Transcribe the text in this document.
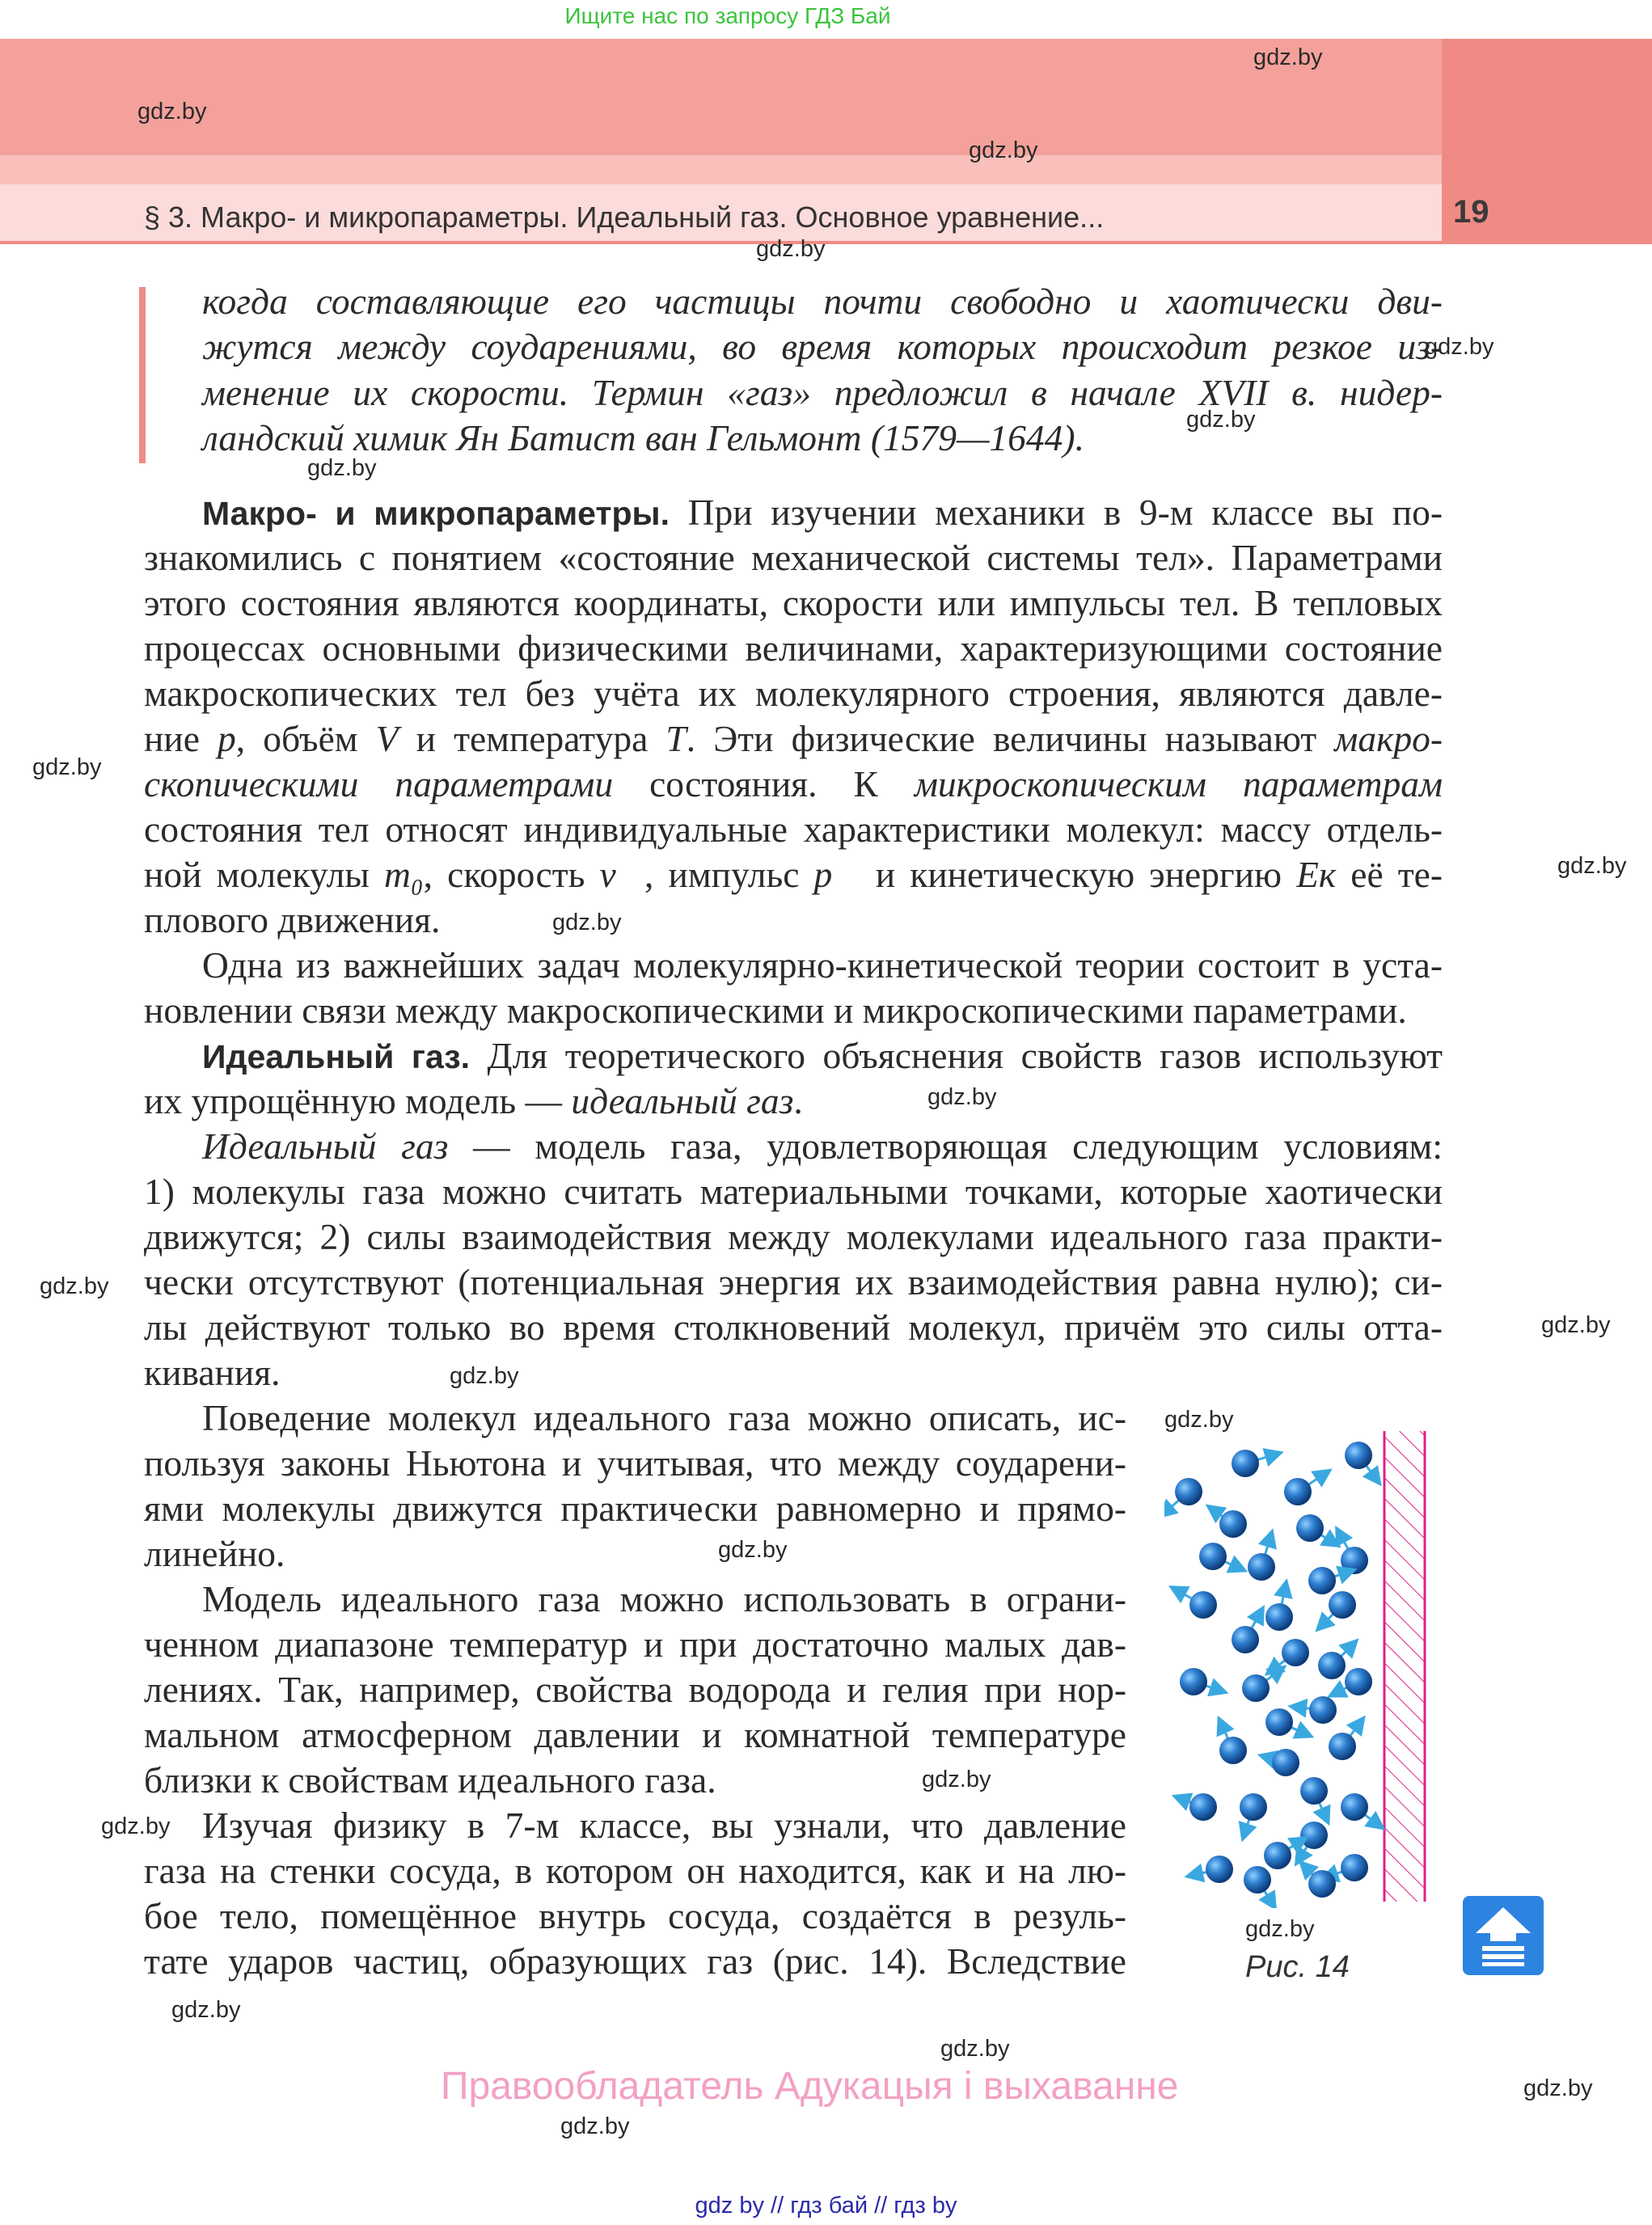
Ищите нас по запросу ГДЗ Бай
§ 3. Макро- и микропараметры. Идеальный газ. Основное уравнение...	19
gdz.by
gdz.by
gdz.by
gdz.by
gdz.by
gdz.by
gdz.by
gdz.by
gdz.by
gdz.by
gdz.by
gdz.by
gdz.by
gdz.by
gdz.by
gdz.by
gdz.by
gdz.by
gdz.by
gdz.by
gdz.by
gdz.by
gdz.by
когда составляющие его частицы почти свободно и хаотически дви-
жутся между соударениями, во время которых происходит резкое из-
менение их скорости. Термин «газ» предложил в начале XVII в. нидер-
ландский химик Ян Батист ван Гельмонт (1579—1644).
Макро- и микропараметры. При изучении механики в 9-м классе вы по-
знакомились с понятием «состояние механической системы тел». Параметрами
этого состояния являются координаты, скорости или импульсы тел. В тепловых
процессах основными физическими величинами, характеризующими состояние
макроскопических тел без учёта их молекулярного строения, являются давле-
ние p, объём V и температура T. Эти физические величины называют макро-
скопическими параметрами состояния. К микроскопическим параметрам
состояния тел относят индивидуальные характеристики молекул: массу отдель-
ной молекулы m₀, скорость v⃗, импульс p⃗ и кинетическую энергию Eк её те-
плового движения.
Одна из важнейших задач молекулярно-кинетической теории состоит в уста-
новлении связи между макроскопическими и микроскопическими параметрами.
Идеальный газ. Для теоретического объяснения свойств газов используют
их упрощённую модель — идеальный газ.
Идеальный газ — модель газа, удовлетворяющая следующим условиям:
1) молекулы газа можно считать материальными точками, которые хаотически
движутся; 2) силы взаимодействия между молекулами идеального газа практи-
чески отсутствуют (потенциальная энергия их взаимодействия равна нулю); си-
лы действуют только во время столкновений молекул, причём это силы отта-
кивания.
Поведение молекул идеального газа можно описать, ис-
пользуя законы Ньютона и учитывая, что между соударени-
ями молекулы движутся практически равномерно и прямо-
линейно.
Модель идеального газа можно использовать в ограни-
ченном диапазоне температур и при достаточно малых дав-
лениях. Так, например, свойства водорода и гелия при нор-
мальном атмосферном давлении и комнатной температуре
близки к свойствам идеального газа.
Изучая физику в 7-м классе, вы узнали, что давление
газа на стенки сосуда, в котором он находится, как и на лю-
бое тело, помещённое внутрь сосуда, создаётся в резуль-
тате ударов частиц, образующих газ (рис. 14). Вследствие	Рис. 14
Правообладатель Адукацыя і выхаванне
gdz by // гдз бай // гдз by
